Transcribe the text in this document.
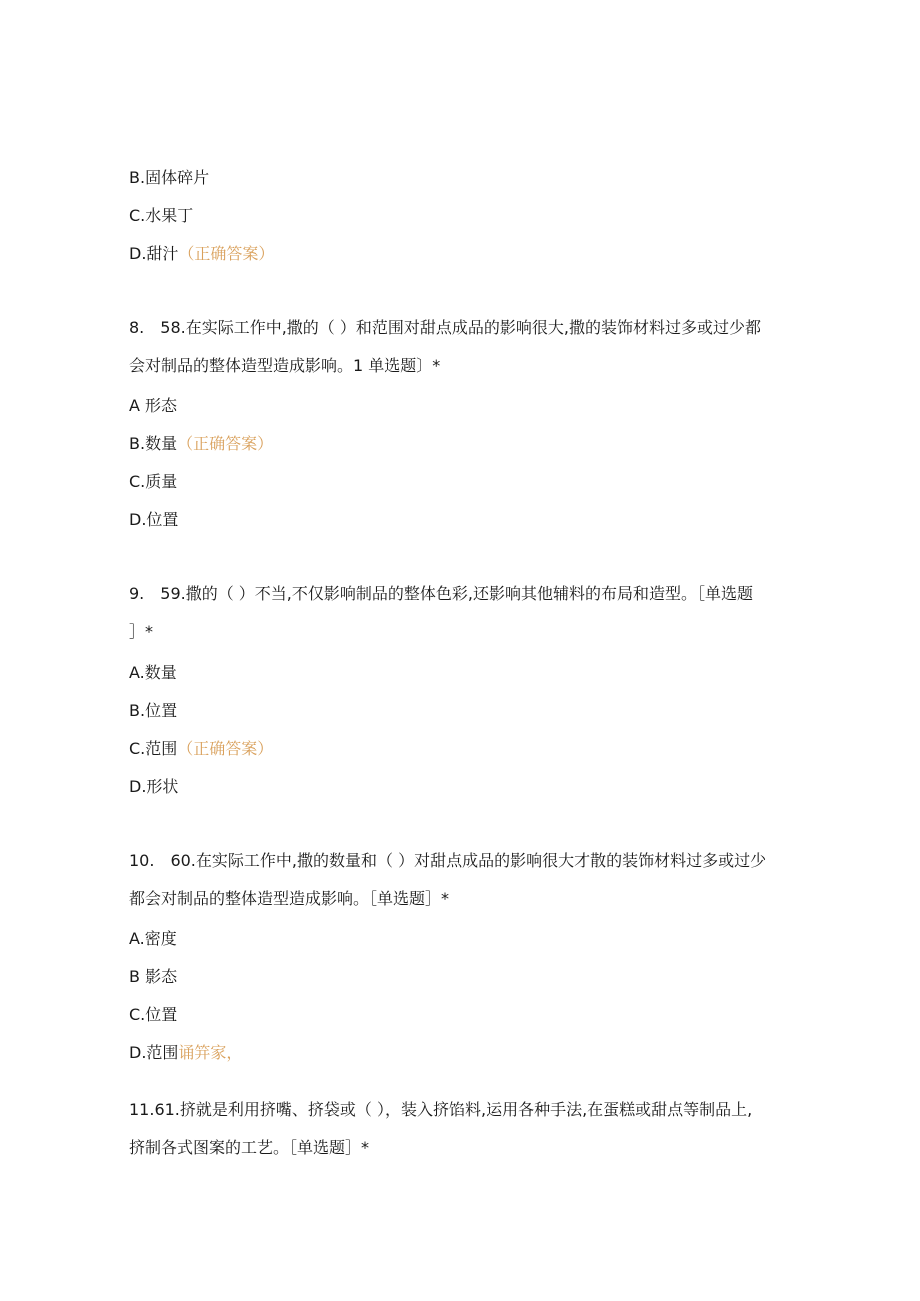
B.固体碎片
C.水果丁
D.甜汁（正确答案）
8.　58.在实际工作中,撒的（ ）和范围对甜点成品的影响很大,撒的装饰材料过多或过少都
会对制品的整体造型造成影响。1 单选题〕*
A 形态
B.数量（正确答案）
C.质量
D.位置
9.　59.撒的（ ）不当,不仅影响制品的整体色彩,还影响其他辅料的布局和造型。［单选题
］*
A.数量
B.位置
C.范围（正确答案）
D.形状
10.　60.在实际工作中,撒的数量和（ ）对甜点成品的影响很大才散的装饰材料过多或过少
都会对制品的整体造型造成影响。［单选题］*
A.密度
B 影态
C.位置
D.范围诵笄家，
11.61.挤就是利用挤嘴、挤袋或（ ），装入挤馅料,运用各种手法,在蛋糕或甜点等制品上,
挤制各式图案的工艺。［单选题］*
